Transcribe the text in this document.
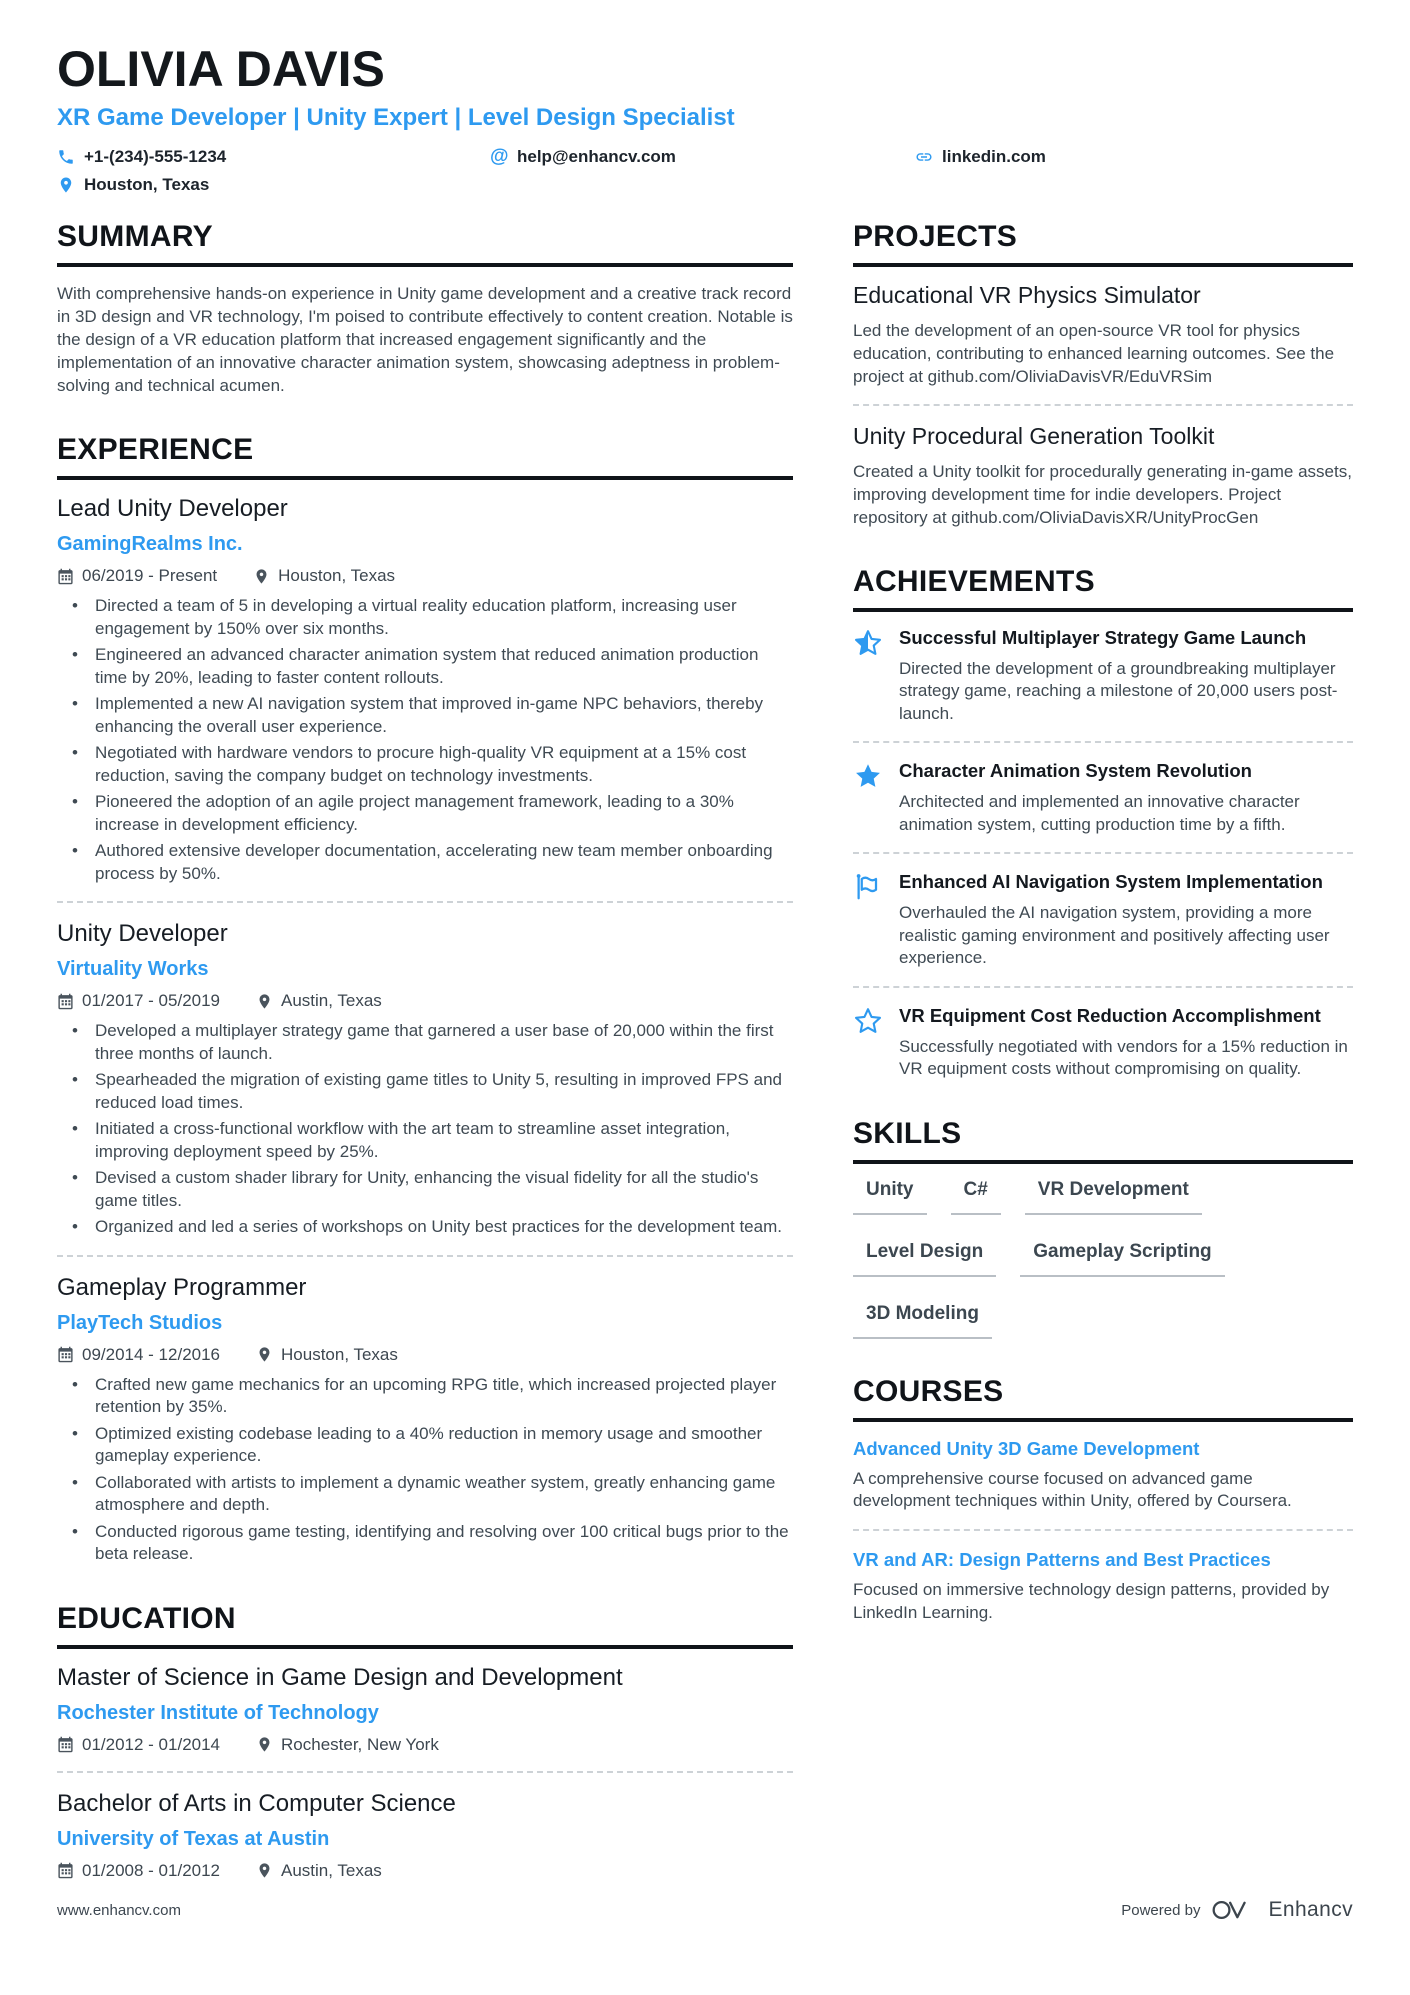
OLIVIA DAVIS
XR Game Developer | Unity Expert | Level Design Specialist
+1-(234)-555-1234	@ help@enhancv.com	linkedin.com
Houston, Texas
SUMMARY

With comprehensive hands-on experience in Unity game development and a creative track record in 3D design and VR technology, I'm poised to contribute effectively to content creation. Notable is the design of a VR education platform that increased engagement significantly and the implementation of an innovative character animation system, showcasing adeptness in problem-solving and technical acumen.

EXPERIENCE
Lead Unity Developer
GamingRealms Inc.
06/2019 - Present	Houston, Texas
• Directed a team of 5 in developing a virtual reality education platform, increasing user engagement by 150% over six months.
• Engineered an advanced character animation system that reduced animation production time by 20%, leading to faster content rollouts.
• Implemented a new AI navigation system that improved in-game NPC behaviors, thereby enhancing the overall user experience.
• Negotiated with hardware vendors to procure high-quality VR equipment at a 15% cost reduction, saving the company budget on technology investments.
• Pioneered the adoption of an agile project management framework, leading to a 30% increase in development efficiency.
• Authored extensive developer documentation, accelerating new team member onboarding process by 50%.
Unity Developer
Virtuality Works
01/2017 - 05/2019	Austin, Texas
• Developed a multiplayer strategy game that garnered a user base of 20,000 within the first three months of launch.
• Spearheaded the migration of existing game titles to Unity 5, resulting in improved FPS and reduced load times.
• Initiated a cross-functional workflow with the art team to streamline asset integration, improving deployment speed by 25%.
• Devised a custom shader library for Unity, enhancing the visual fidelity for all the studio's game titles.
• Organized and led a series of workshops on Unity best practices for the development team.
Gameplay Programmer
PlayTech Studios
09/2014 - 12/2016	Houston, Texas
• Crafted new game mechanics for an upcoming RPG title, which increased projected player retention by 35%.
• Optimized existing codebase leading to a 40% reduction in memory usage and smoother gameplay experience.
• Collaborated with artists to implement a dynamic weather system, greatly enhancing game atmosphere and depth.
• Conducted rigorous game testing, identifying and resolving over 100 critical bugs prior to the beta release.
EDUCATION
Master of Science in Game Design and Development
Rochester Institute of Technology
01/2012 - 01/2014	Rochester, New York
Bachelor of Arts in Computer Science
University of Texas at Austin
01/2008 - 01/2012	Austin, Texas
PROJECTS
Educational VR Physics Simulator

Led the development of an open-source VR tool for physics education, contributing to enhanced learning outcomes. See the project at github.com/OliviaDavisVR/EduVRSim

Unity Procedural Generation Toolkit

Created a Unity toolkit for procedurally generating in-game assets, improving development time for indie developers. Project repository at github.com/OliviaDavisXR/UnityProcGen

ACHIEVEMENTS
Successful Multiplayer Strategy Game Launch
Directed the development of a groundbreaking multiplayer strategy game, reaching a milestone of 20,000 users post-launch.
Character Animation System Revolution
Architected and implemented an innovative character animation system, cutting production time by a fifth.
Enhanced AI Navigation System Implementation
Overhauled the AI navigation system, providing a more realistic gaming environment and positively affecting user experience.
VR Equipment Cost Reduction Accomplishment
Successfully negotiated with vendors for a 15% reduction in VR equipment costs without compromising on quality.
SKILLS
Unity	C#	VR Development
Level Design	Gameplay Scripting
3D Modeling
COURSES
Advanced Unity 3D Game Development
A comprehensive course focused on advanced game development techniques within Unity, offered by Coursera.
VR and AR: Design Patterns and Best Practices
Focused on immersive technology design patterns, provided by LinkedIn Learning.
www.enhancv.com	Powered by	Enhancv
